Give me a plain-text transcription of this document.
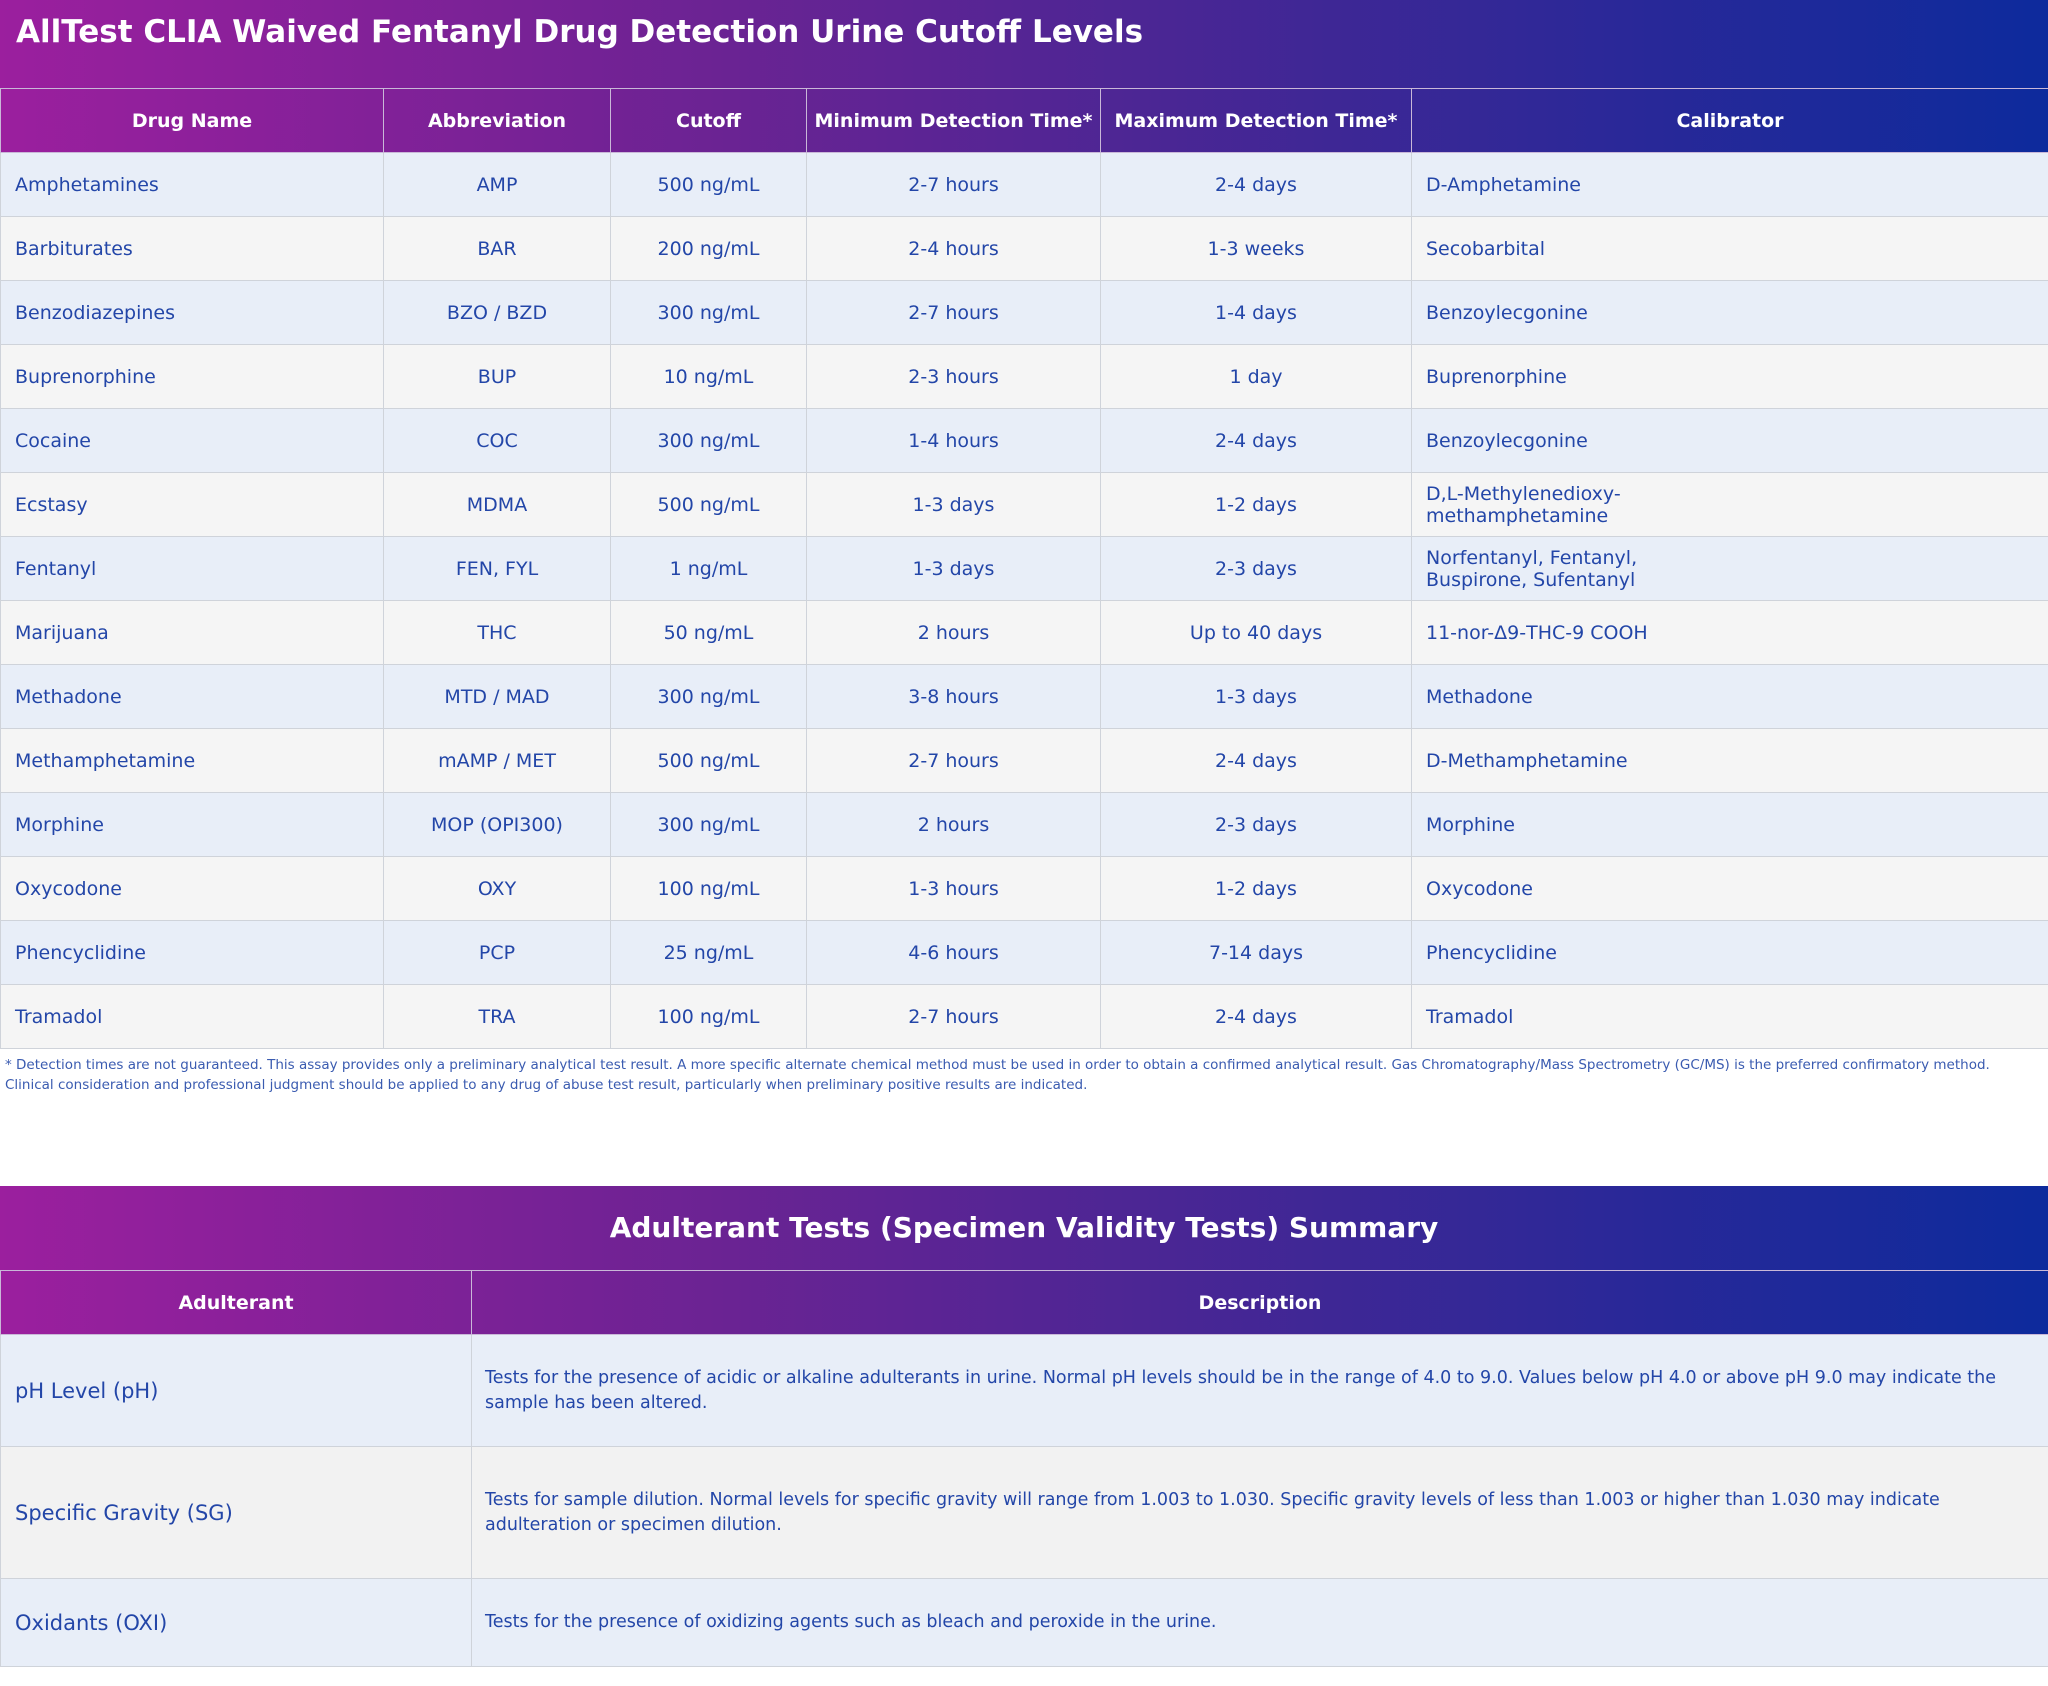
AllTest CLIA Waived Fentanyl Drug Detection Urine Cutoff Levels
Drug Name	Abbreviation	Cutoff	Minimum Detection Time*	Maximum Detection Time*	Calibrator
Amphetamines	AMP	500 ng/mL	2-7 hours	2-4 days	D-Amphetamine
Barbiturates	BAR	200 ng/mL	2-4 hours	1-3 weeks	Secobarbital
Benzodiazepines	BZO / BZD	300 ng/mL	2-7 hours	1-4 days	Benzoylecgonine
Buprenorphine	BUP	10 ng/mL	2-3 hours	1 day	Buprenorphine
Cocaine	COC	300 ng/mL	1-4 hours	2-4 days	Benzoylecgonine
Ecstasy	MDMA	500 ng/mL	1-3 days	1-2 days	D,L-Methylenedioxy-
methamphetamine

Fentanyl	FEN, FYL	1 ng/mL	1-3 days	2-3 days	Norfentanyl, Fentanyl,
Buspirone, Sufentanyl

Marijuana	THC	50 ng/mL	2 hours	Up to 40 days	11-nor-Δ9-THC-9 COOH
Methadone	MTD / MAD	300 ng/mL	3-8 hours	1-3 days	Methadone
Methamphetamine	mAMP / MET	500 ng/mL	2-7 hours	2-4 days	D-Methamphetamine
Morphine	MOP (OPI300)	300 ng/mL	2 hours	2-3 days	Morphine
Oxycodone	OXY	100 ng/mL	1-3 hours	1-2 days	Oxycodone
Phencyclidine	PCP	25 ng/mL	4-6 hours	7-14 days	Phencyclidine
Tramadol	TRA	100 ng/mL	2-7 hours	2-4 days	Tramadol
* Detection times are not guaranteed. This assay provides only a preliminary analytical test result. A more specific alternate chemical method must be used in order to obtain a confirmed analytical result. Gas Chromatography/Mass Spectrometry (GC/MS) is the preferred confirmatory method. Clinical consideration and professional judgment should be applied to any drug of abuse test result, particularly when preliminary positive results are indicated.
Adulterant Tests (Specimen Validity Tests) Summary
Adulterant	Description
pH Level (pH)	Tests for the presence of acidic or alkaline adulterants in urine. Normal pH levels should be in the range of 4.0 to 9.0. Values below pH 4.0 or above pH 9.0 may indicate the sample has been altered.
Specific Gravity (SG)	Tests for sample dilution. Normal levels for specific gravity will range from 1.003 to 1.030. Specific gravity levels of less than 1.003 or higher than 1.030 may indicate adulteration or specimen dilution.
Oxidants (OXI)	Tests for the presence of oxidizing agents such as bleach and peroxide in the urine.
